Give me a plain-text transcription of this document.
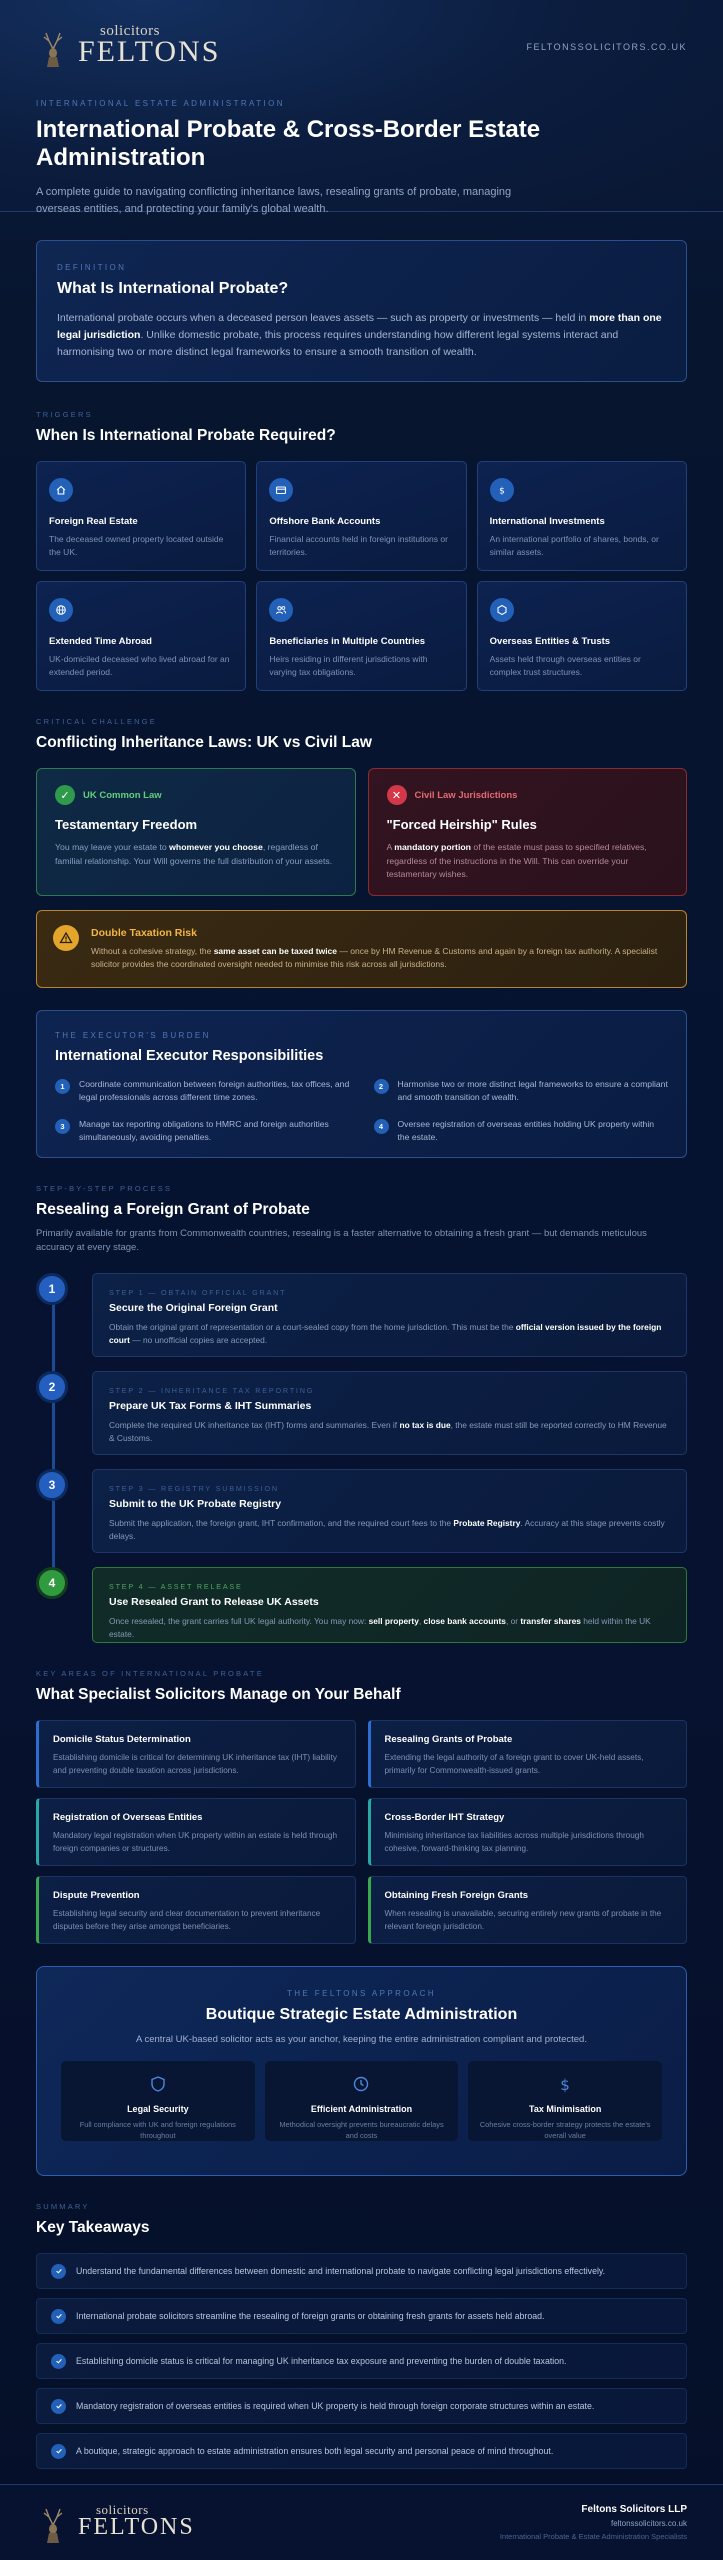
solicitors
FELTONS	FELTONSSOLICITORS.CO.UK
INTERNATIONAL ESTATE ADMINISTRATION
International Probate & Cross-Border Estate Administration

A complete guide to navigating conflicting inheritance laws, resealing grants of probate, managing overseas entities, and protecting your family's global wealth.

DEFINITION
What Is International Probate?

International probate occurs when a deceased person leaves assets — such as property or investments — held in more than one legal jurisdiction. Unlike domestic probate, this process requires understanding how different legal systems interact and harmonising two or more distinct legal frameworks to ensure a smooth transition of wealth.

TRIGGERS
When Is International Probate Required?
Foreign Real Estate

The deceased owned property located outside the UK.

Offshore Bank Accounts

Financial accounts held in foreign institutions or territories.

$
International Investments

An international portfolio of shares, bonds, or similar assets.

Extended Time Abroad

UK-domiciled deceased who lived abroad for an extended period.

Beneficiaries in Multiple Countries

Heirs residing in different jurisdictions with varying tax obligations.

Overseas Entities & Trusts

Assets held through overseas entities or complex trust structures.

CRITICAL CHALLENGE
Conflicting Inheritance Laws: UK vs Civil Law
✓	UK Common Law
Testamentary Freedom

You may leave your estate to whomever you choose, regardless of familial relationship. Your Will governs the full distribution of your assets.

✕	Civil Law Jurisdictions
"Forced Heirship" Rules

A mandatory portion of the estate must pass to specified relatives, regardless of the instructions in the Will. This can override your testamentary wishes.

Double Taxation Risk

Without a cohesive strategy, the same asset can be taxed twice — once by HM Revenue & Customs and again by a foreign tax authority. A specialist solicitor provides the coordinated oversight needed to minimise this risk across all jurisdictions.

THE EXECUTOR'S BURDEN
International Executor Responsibilities
1	Coordinate communication between foreign authorities, tax offices, and legal professionals across different time zones.

2	Harmonise two or more distinct legal frameworks to ensure a compliant and smooth transition of wealth.

3	Manage tax reporting obligations to HMRC and foreign authorities simultaneously, avoiding penalties.

4	Oversee registration of overseas entities holding UK property within the estate.

STEP-BY-STEP PROCESS
Resealing a Foreign Grant of Probate

Primarily available for grants from Commonwealth countries, resealing is a faster alternative to obtaining a fresh grant — but demands meticulous accuracy at every stage.

1	STEP 1 — OBTAIN OFFICIAL GRANT
Secure the Original Foreign Grant

Obtain the original grant of representation or a court-sealed copy from the home jurisdiction. This must be the official version issued by the foreign court — no unofficial copies are accepted.

2	STEP 2 — INHERITANCE TAX REPORTING
Prepare UK Tax Forms & IHT Summaries

Complete the required UK inheritance tax (IHT) forms and summaries. Even if no tax is due, the estate must still be reported correctly to HM Revenue & Customs.

3	STEP 3 — REGISTRY SUBMISSION
Submit to the UK Probate Registry

Submit the application, the foreign grant, IHT confirmation, and the required court fees to the Probate Registry. Accuracy at this stage prevents costly delays.

4	STEP 4 — ASSET RELEASE
Use Resealed Grant to Release UK Assets

Once resealed, the grant carries full UK legal authority. You may now: sell property, close bank accounts, or transfer shares held within the UK estate.

KEY AREAS OF INTERNATIONAL PROBATE
What Specialist Solicitors Manage on Your Behalf
Domicile Status Determination

Establishing domicile is critical for determining UK inheritance tax (IHT) liability and preventing double taxation across jurisdictions.

Resealing Grants of Probate

Extending the legal authority of a foreign grant to cover UK-held assets, primarily for Commonwealth-issued grants.

Registration of Overseas Entities

Mandatory legal registration when UK property within an estate is held through foreign companies or structures.

Cross-Border IHT Strategy

Minimising inheritance tax liabilities across multiple jurisdictions through cohesive, forward-thinking tax planning.

Dispute Prevention

Establishing legal security and clear documentation to prevent inheritance disputes before they arise amongst beneficiaries.

Obtaining Fresh Foreign Grants

When resealing is unavailable, securing entirely new grants of probate in the relevant foreign jurisdiction.

THE FELTONS APPROACH
Boutique Strategic Estate Administration

A central UK-based solicitor acts as your anchor, keeping the entire administration compliant and protected.

Legal Security

Full compliance with UK and foreign regulations throughout

Efficient Administration

Methodical oversight prevents bureaucratic delays and costs

$
Tax Minimisation

Cohesive cross-border strategy protects the estate's overall value

SUMMARY
Key Takeaways

Understand the fundamental differences between domestic and international probate to navigate conflicting legal jurisdictions effectively.

International probate solicitors streamline the resealing of foreign grants or obtaining fresh grants for assets held abroad.

Establishing domicile status is critical for managing UK inheritance tax exposure and preventing the burden of double taxation.

Mandatory registration of overseas entities is required when UK property is held through foreign corporate structures within an estate.

A boutique, strategic approach to estate administration ensures both legal security and personal peace of mind throughout.

solicitors
FELTONS
Feltons Solicitors LLP
feltonssolicitors.co.uk
International Probate & Estate Administration Specialists
